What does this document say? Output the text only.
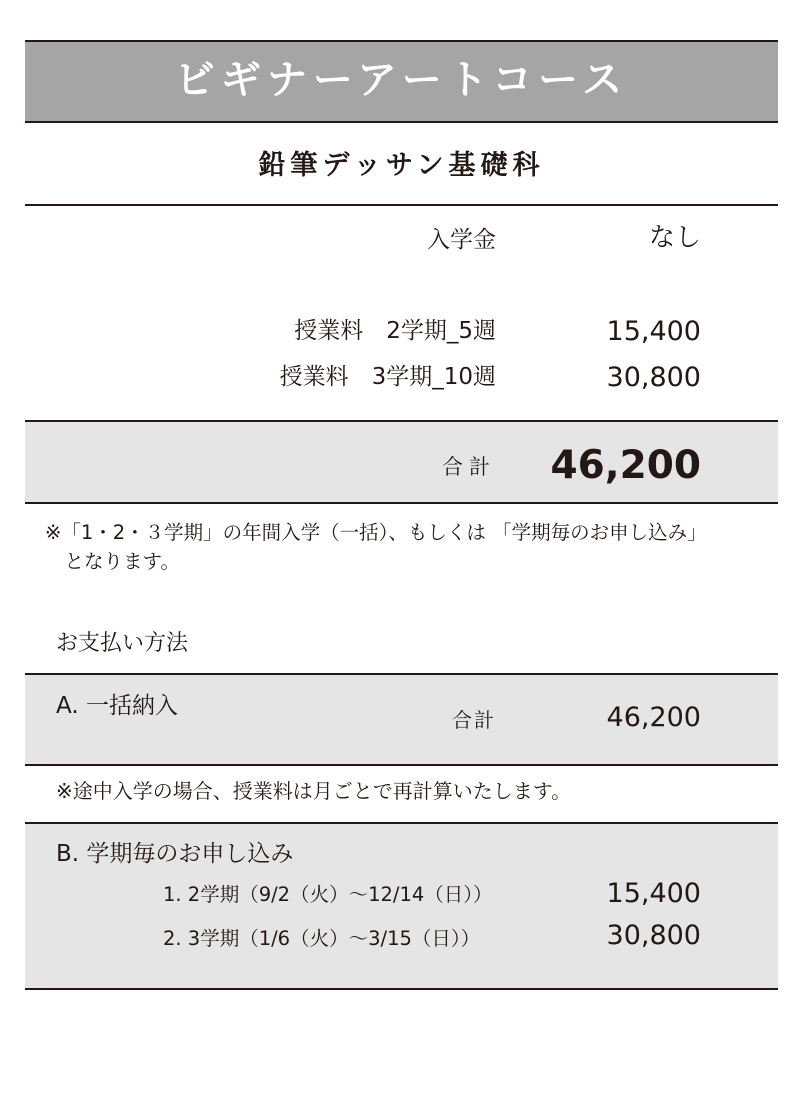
ビギナーアートコース
鉛筆デッサン基礎科
入学金	なし
授業料　2学期_5週	15,400
授業料　3学期_10週	30,800
合計 46,200
※「1・2・３学期」の年間入学（一括）、もしくは 「学期毎のお申し込み」
　となります。
お支払い方法
A. 一括納入
合計	46,200
※途中入学の場合、授業料は月ごとで再計算いたします。
B. 学期毎のお申し込み
1. 2学期（9/2（火）～12/14（日））	15,400
2. 3学期（1/6（火）～3/15（日））	30,800
